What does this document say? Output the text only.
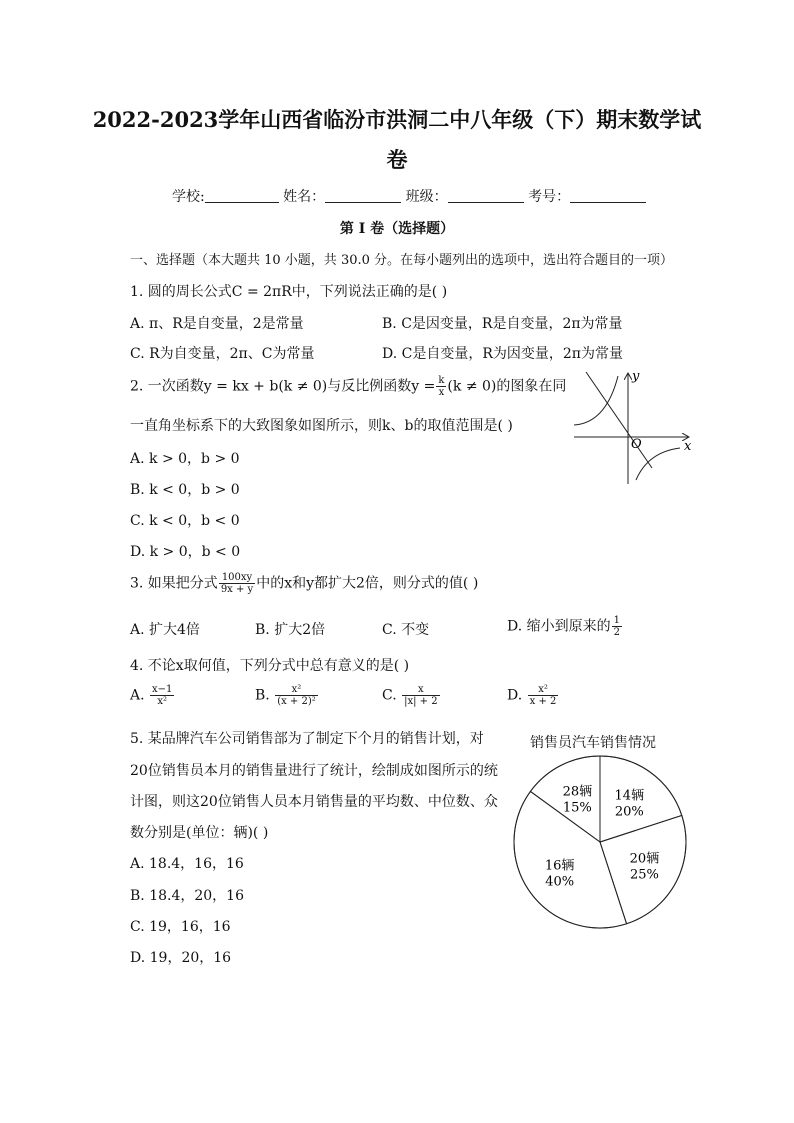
2022-2023学年山西省临汾市洪洞二中八年级（下）期末数学试
卷
学校:	姓名：	班级：	考号：
第 I 卷（选择题）
一、选择题（本大题共 10 小题，共 30.0 分。在每小题列出的选项中，选出符合题目的一项）
1. 圆的周长公式C = 2πR中，下列说法正确的是( )
A. π、R是自变量，2是常量	B. C是因变量，R是自变量，2π为常量
C. R为自变量，2π、C为常量	D. C是自变量，R为因变量，2π为常量
2. 一次函数y = kx + b(k ≠ 0)与反比例函数$y = \frac{k}{x} (k \ne 0)$的图象在同
一直角坐标系下的大致图象如图所示，则k、b的取值范围是( )
A. k > 0，b > 0
B. k < 0，b > 0
C. k < 0，b < 0
D. k > 0，b < 0
y
x
O
3. 如果把分式 $\frac{100xy}{9x + y}$ 中的x和y都扩大2倍，则分式的值( )
A. 扩大4倍	B. 扩大2倍	C. 不变	D. 缩小到原来的 $\frac{1}{2}$
4. 不论x取何值，下列分式中总有意义的是( )
A. $\frac{x-1}{\text{x²}}$	B. $\frac{\text{x²}}{\text{(x + 2)²}}$	C. $\frac{x}{|x| + 2}$	D. $\frac{\text{x²}}{x + 2}$
5. 某品牌汽车公司销售部为了制定下个月的销售计划，对
20位销售员本月的销售量进行了统计，绘制成如图所示的统
计图，则这20位销售人员本月销售量的平均数、中位数、众
数分别是(单位：辆)( )
A. 18.4，16，16
B. 18.4，20，16
C. 19，16，16
D. 19，20，16
销售员汽车销售情况
28辆
15%
14辆
20%
20辆
25%
16辆
40%
